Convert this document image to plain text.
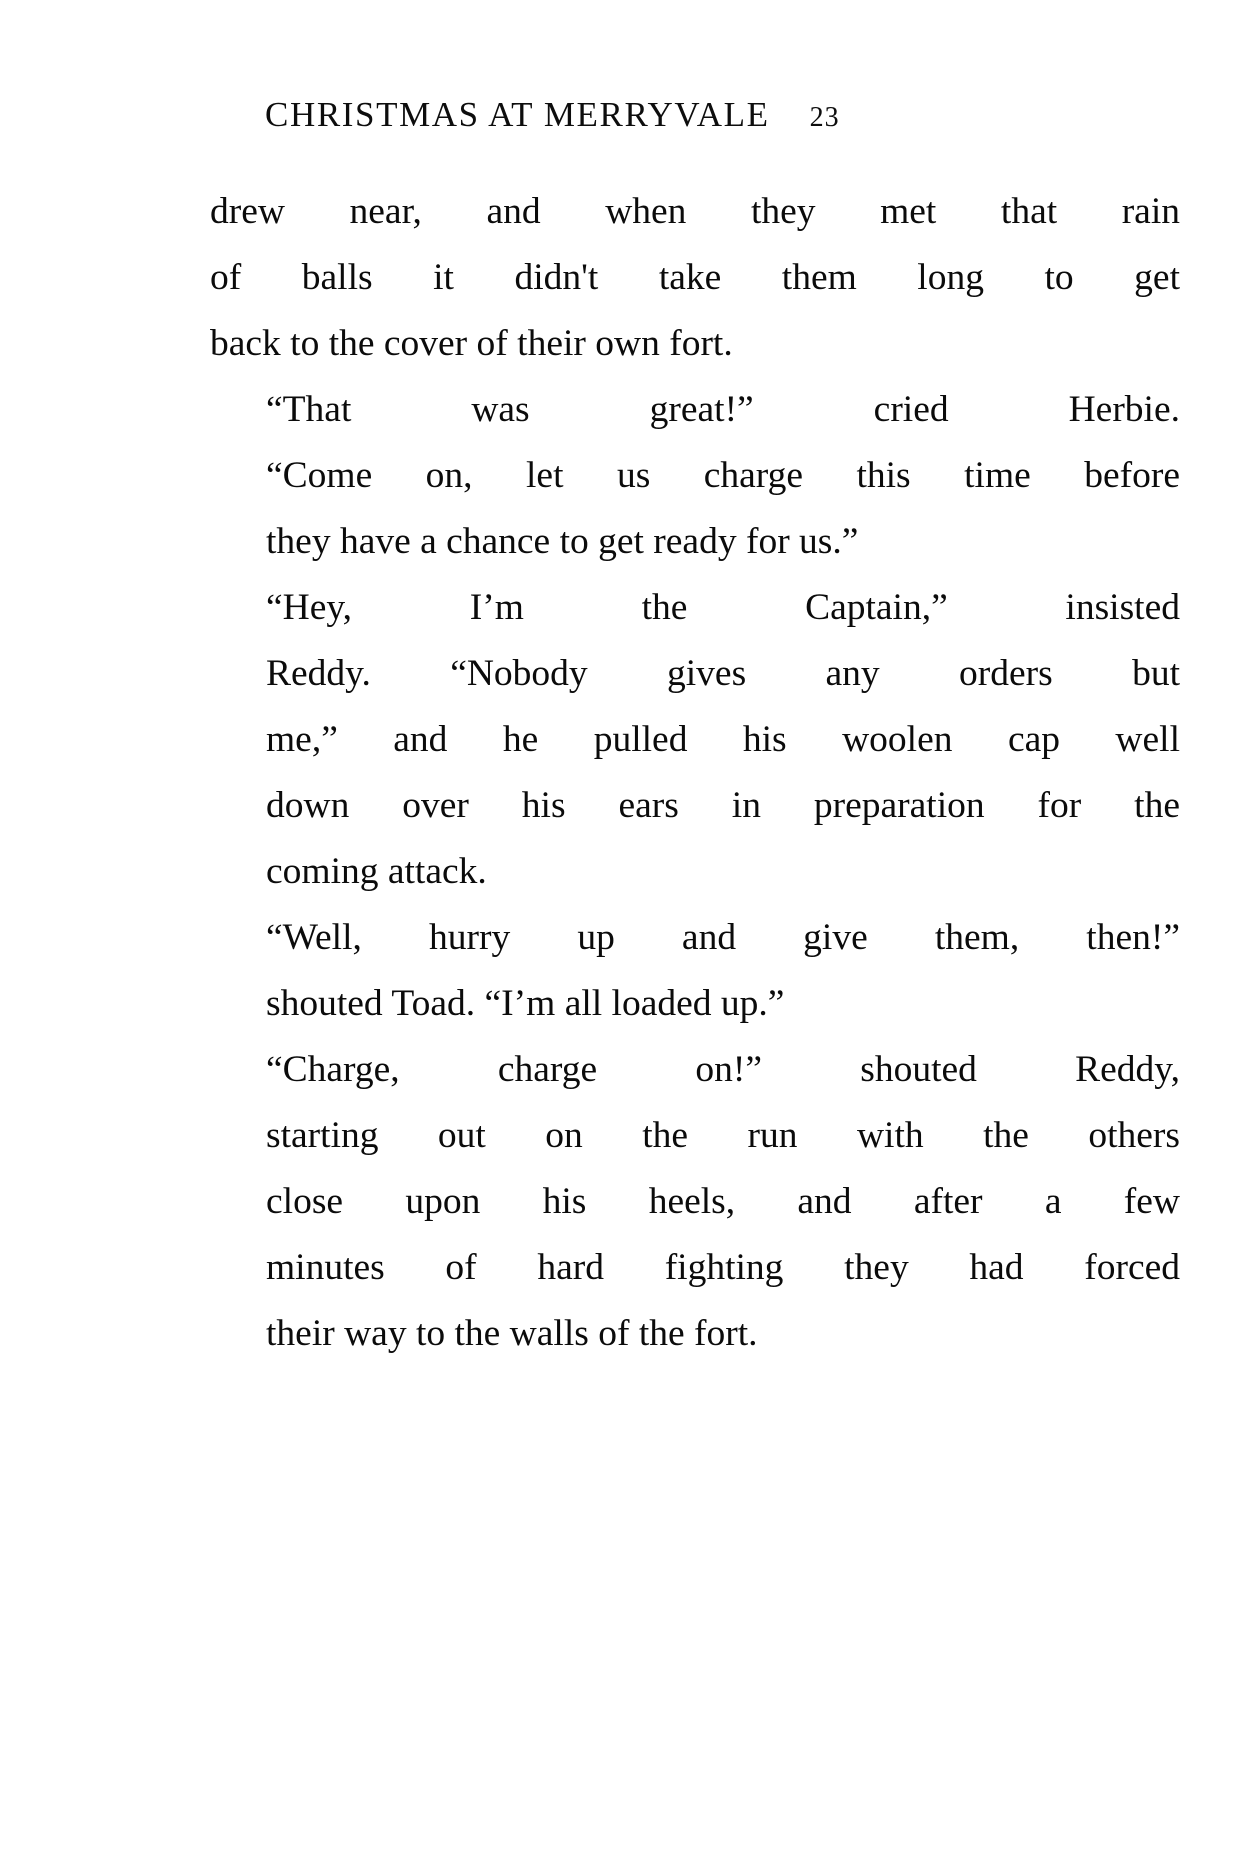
CHRISTMAS AT MERRYVALE 23

drew near, and when they met that rain
of balls it didn't take them long to get
back to the cover of their own fort.

“That was great!” cried Herbie.
“Come on, let us charge this time before
they have a chance to get ready for us.”

“Hey, I’m the Captain,” insisted
Reddy. “Nobody gives any orders but
me,” and he pulled his woolen cap well
down over his ears in preparation for the
coming attack.

“Well, hurry up and give them, then!”
shouted Toad. “I’m all loaded up.”

“Charge, charge on!” shouted Reddy,
starting out on the run with the others
close upon his heels, and after a few
minutes of hard fighting they had forced
their way to the walls of the fort.
